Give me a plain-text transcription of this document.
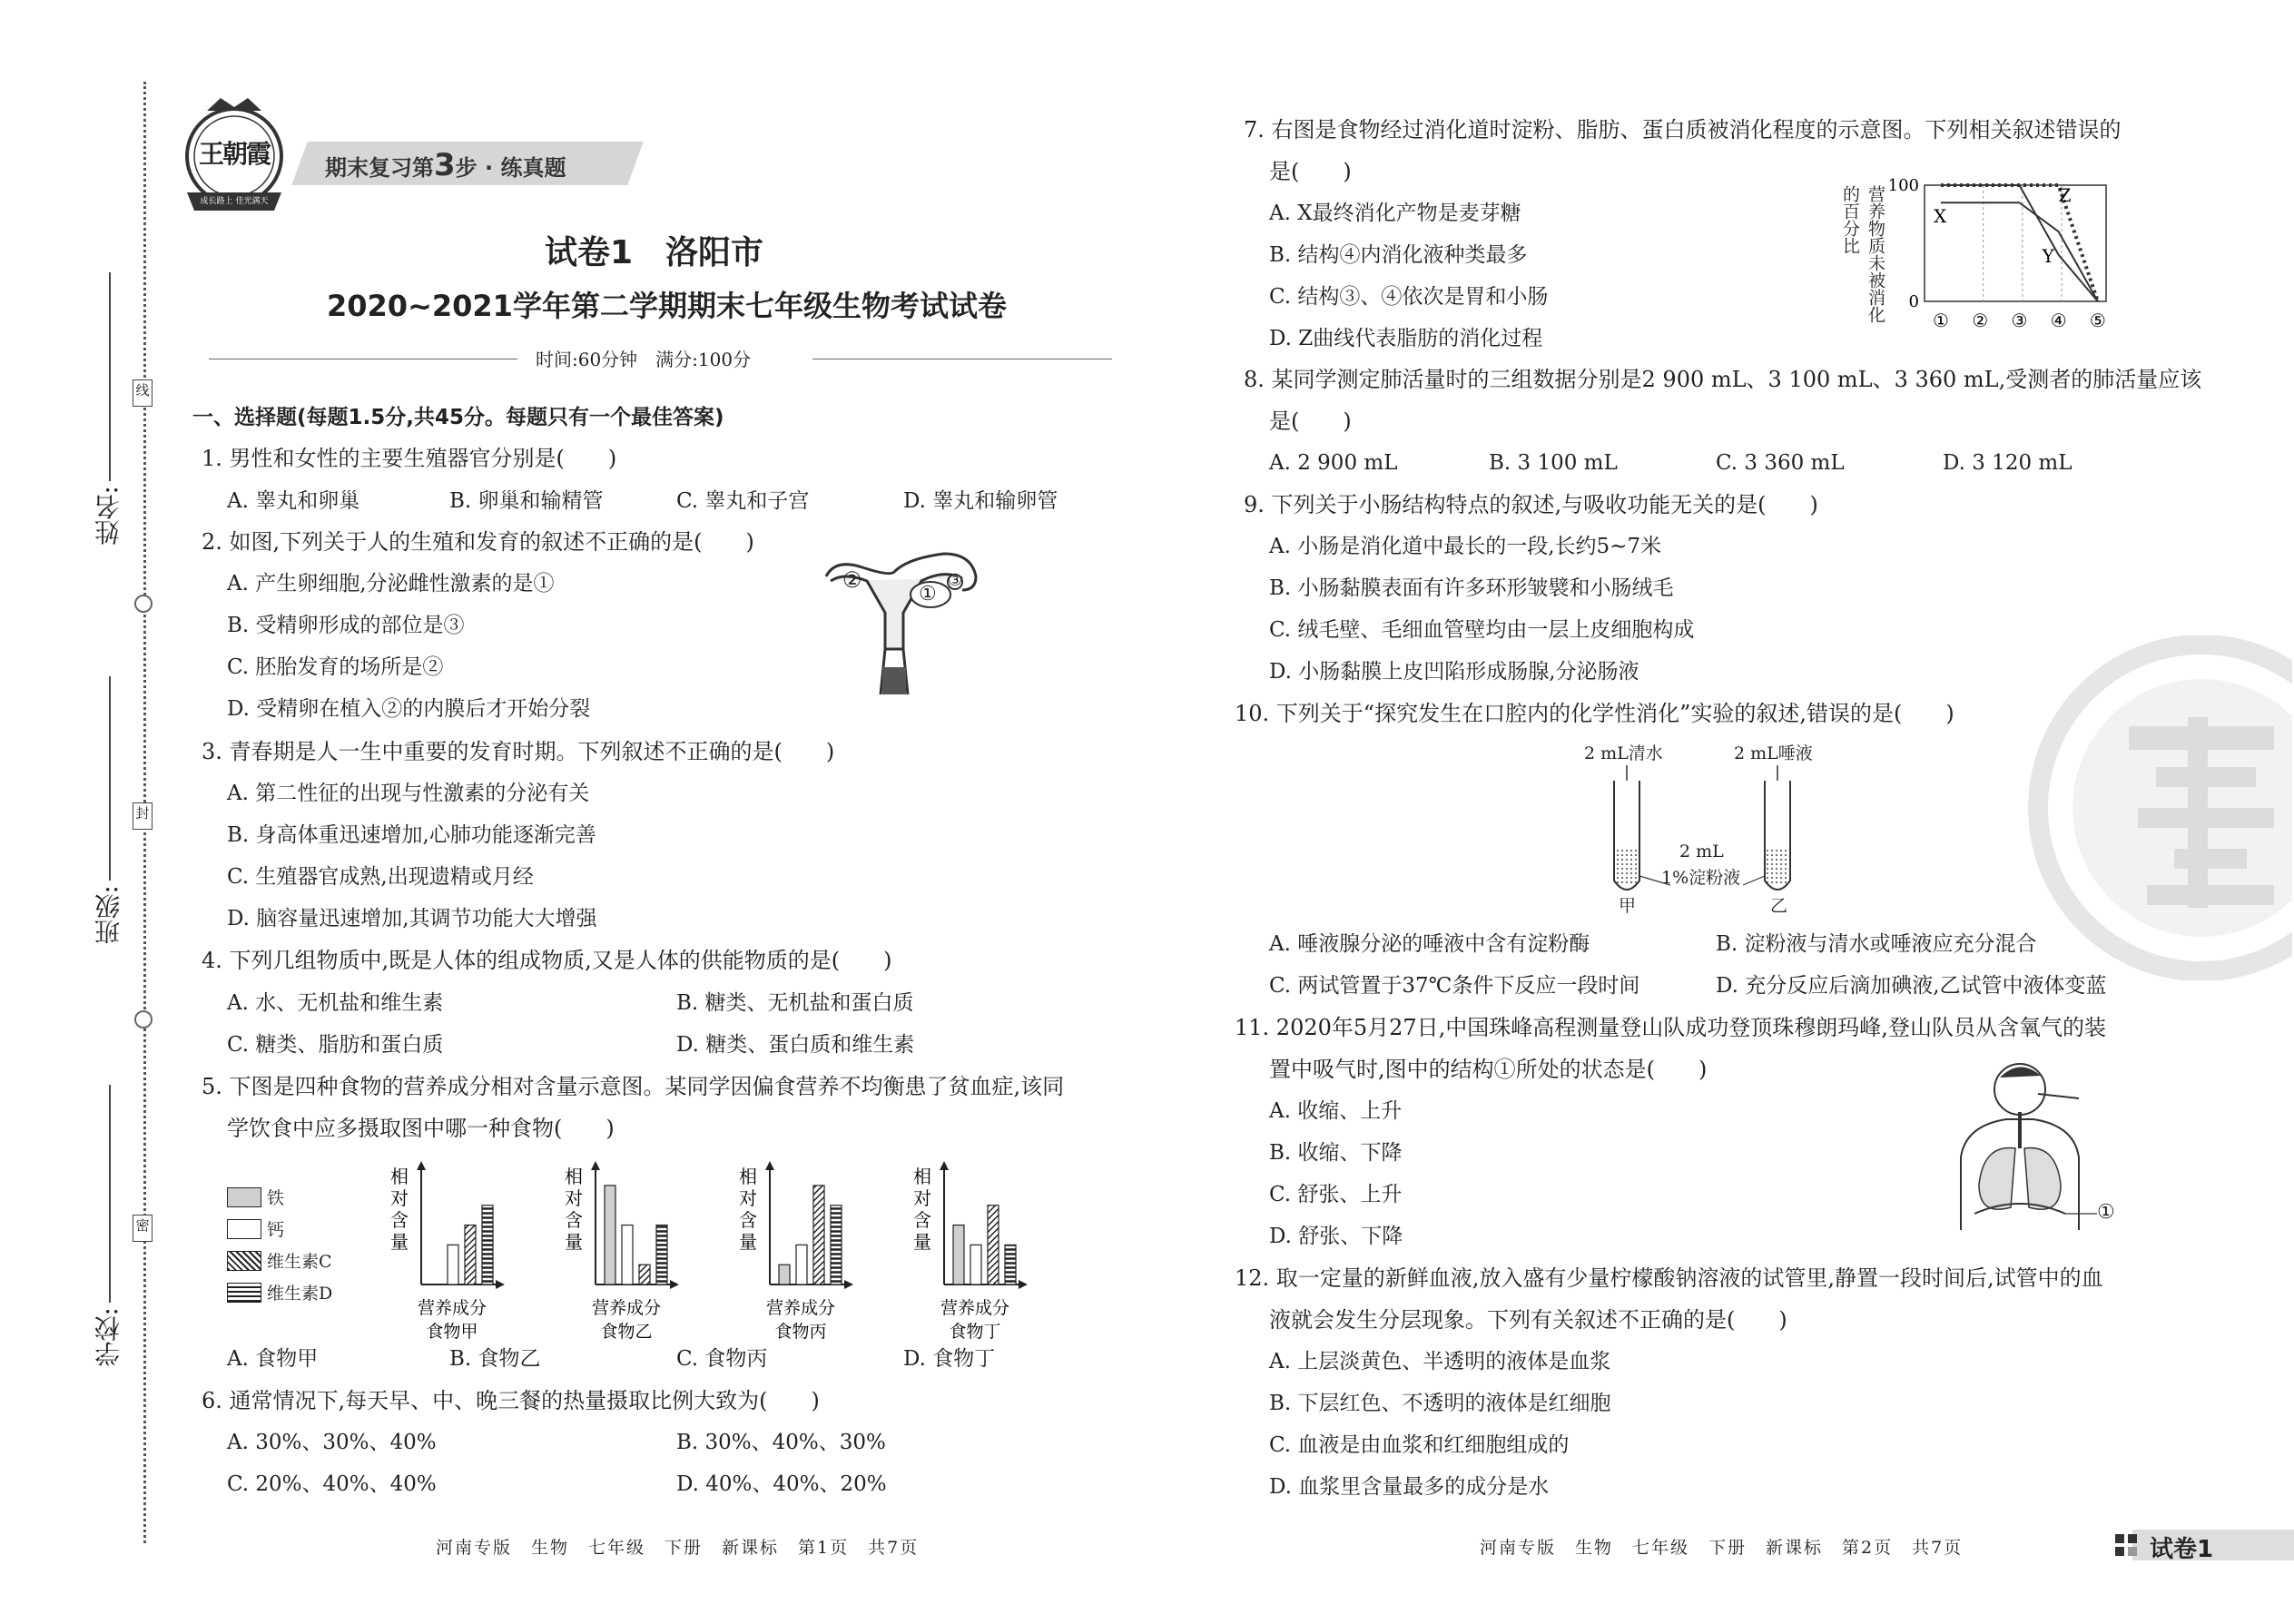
线
封
密
姓名:
班级:
学校:
王朝霞
成长路上 佳光满天
期末复习第3步 · 练真题
试卷1　洛阳市
2020~2021学年第二学期期末七年级生物考试试卷
时间:60分钟　满分:100分
一、选择题(每题1.5分,共45分。每题只有一个最佳答案)
1. 男性和女性的主要生殖器官分别是(　　)
A. 睾丸和卵巢	B. 卵巢和输精管	C. 睾丸和子宫	D. 睾丸和输卵管
2. 如图,下列关于人的生殖和发育的叙述不正确的是(　　)
A. 产生卵细胞,分泌雌性激素的是①
B. 受精卵形成的部位是③
C. 胚胎发育的场所是②
D. 受精卵在植入②的内膜后才开始分裂
②
①
③
3. 青春期是人一生中重要的发育时期。下列叙述不正确的是(　　)
A. 第二性征的出现与性激素的分泌有关
B. 身高体重迅速增加,心肺功能逐渐完善
C. 生殖器官成熟,出现遗精或月经
D. 脑容量迅速增加,其调节功能大大增强
4. 下列几组物质中,既是人体的组成物质,又是人体的供能物质的是(　　)
A. 水、无机盐和维生素	B. 糖类、无机盐和蛋白质
C. 糖类、脂肪和蛋白质	D. 糖类、蛋白质和维生素
5. 下图是四种食物的营养成分相对含量示意图。某同学因偏食营养不均衡患了贫血症,该同
学饮食中应多摄取图中哪一种食物(　　)
铁
钙
维生素C
维生素D
相
对
含
量
营养成分
食物甲
相
对
含
量
营养成分
食物乙
相
对
含
量
营养成分
食物丙
相
对
含
量
营养成分
食物丁
A. 食物甲	B. 食物乙	C. 食物丙	D. 食物丁
6. 通常情况下,每天早、中、晚三餐的热量摄取比例大致为(　　)
A. 30%、30%、40%	B. 30%、40%、30%
C. 20%、40%、40%	D. 40%、40%、20%
河南专版　生物　七年级　下册　新课标　第1页　共7页
7. 右图是食物经过消化道时淀粉、脂肪、蛋白质被消化程度的示意图。下列相关叙述错误的
是(　　)
A. X最终消化产物是麦芽糖
B. 结构④内消化液种类最多
C. 结构③、④依次是胃和小肠
D. Z曲线代表脂肪的消化过程
营养物质未被消化的百分比	100
0
① ② ③ ④ ⑤
X
Y
Z
8. 某同学测定肺活量时的三组数据分别是2 900 mL、3 100 mL、3 360 mL,受测者的肺活量应该
是(　　)
A. 2 900 mL	B. 3 100 mL	C. 3 360 mL	D. 3 120 mL
9. 下列关于小肠结构特点的叙述,与吸收功能无关的是(　　)
A. 小肠是消化道中最长的一段,长约5~7米
B. 小肠黏膜表面有许多环形皱襞和小肠绒毛
C. 绒毛壁、毛细血管壁均由一层上皮细胞构成
D. 小肠黏膜上皮凹陷形成肠腺,分泌肠液
10. 下列关于“探究发生在口腔内的化学性消化”实验的叙述,错误的是(　　)
2 mL清水	2 mL唾液
2 mL
1%淀粉液
甲	乙
A. 唾液腺分泌的唾液中含有淀粉酶	B. 淀粉液与清水或唾液应充分混合
C. 两试管置于37℃条件下反应一段时间	D. 充分反应后滴加碘液,乙试管中液体变蓝
11. 2020年5月27日,中国珠峰高程测量登山队成功登顶珠穆朗玛峰,登山队员从含氧气的装
置中吸气时,图中的结构①所处的状态是(　　)
A. 收缩、上升
B. 收缩、下降
C. 舒张、上升
D. 舒张、下降
①
12. 取一定量的新鲜血液,放入盛有少量柠檬酸钠溶液的试管里,静置一段时间后,试管中的血
液就会发生分层现象。下列有关叙述不正确的是(　　)
A. 上层淡黄色、半透明的液体是血浆
B. 下层红色、不透明的液体是红细胞
C. 血液是由血浆和红细胞组成的
D. 血浆里含量最多的成分是水
河南专版　生物　七年级　下册　新课标　第2页　共7页	试卷1
